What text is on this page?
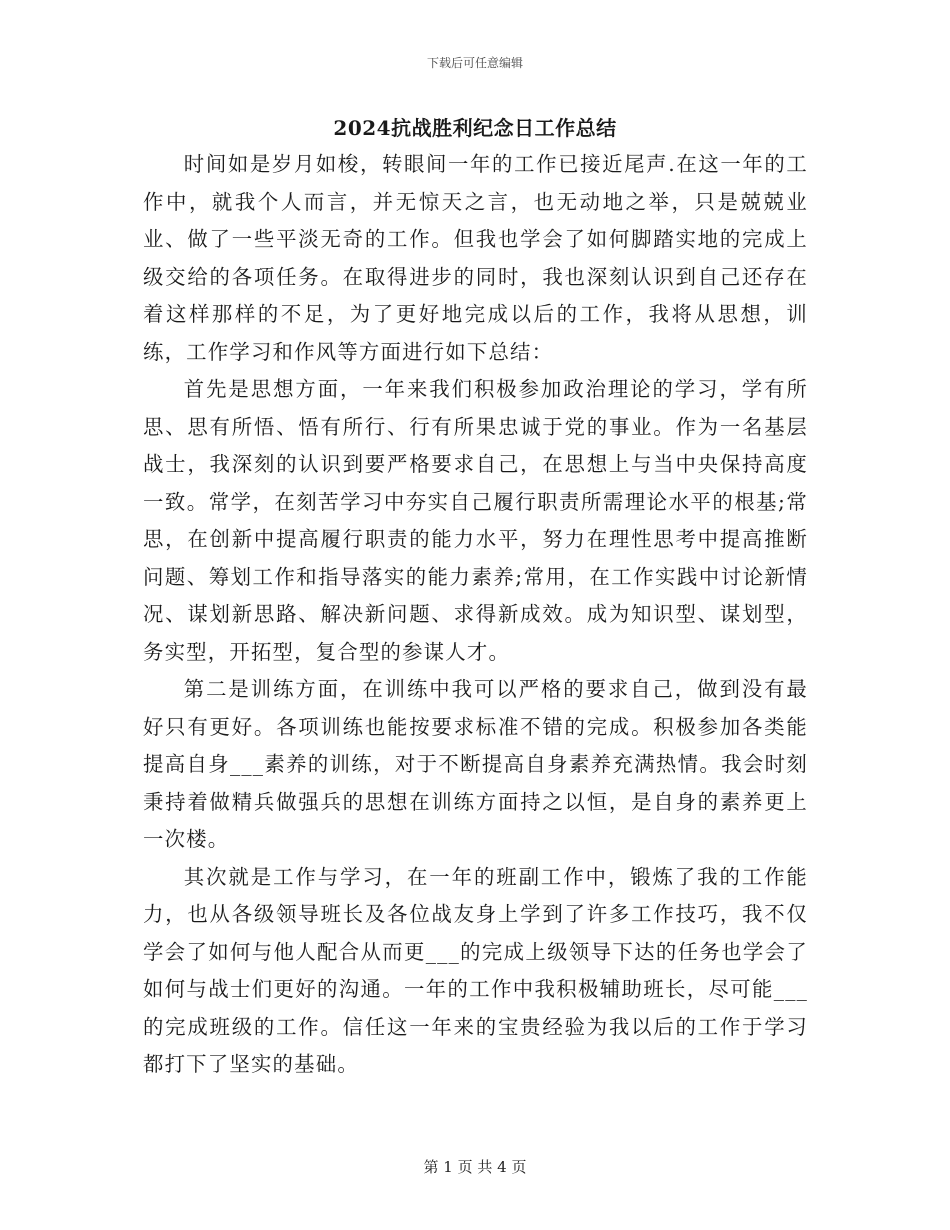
下载后可任意编辑
2024抗战胜利纪念日工作总结

时间如是岁月如梭，转眼间一年的工作已接近尾声.在这一年的工作中，就我个人而言，并无惊天之言，也无动地之举，只是兢兢业业、做了一些平淡无奇的工作。但我也学会了如何脚踏实地的完成上级交给的各项任务。在取得进步的同时，我也深刻认识到自己还存在着这样那样的不足，为了更好地完成以后的工作，我将从思想，训练，工作学习和作风等方面进行如下总结：

首先是思想方面，一年来我们积极参加政治理论的学习，学有所思、思有所悟、悟有所行、行有所果忠诚于党的事业。作为一名基层战士，我深刻的认识到要严格要求自己，在思想上与当中央保持高度一致。常学，在刻苦学习中夯实自己履行职责所需理论水平的根基;常思，在创新中提高履行职责的能力水平，努力在理性思考中提高推断问题、筹划工作和指导落实的能力素养;常用，在工作实践中讨论新情况、谋划新思路、解决新问题、求得新成效。成为知识型、谋划型，务实型，开拓型，复合型的参谋人才。

第二是训练方面，在训练中我可以严格的要求自己，做到没有最好只有更好。各项训练也能按要求标准不错的完成。积极参加各类能提高自身___素养的训练，对于不断提高自身素养充满热情。我会时刻秉持着做精兵做强兵的思想在训练方面持之以恒，是自身的素养更上一次楼。

其次就是工作与学习，在一年的班副工作中，锻炼了我的工作能力，也从各级领导班长及各位战友身上学到了许多工作技巧，我不仅学会了如何与他人配合从而更___的完成上级领导下达的任务也学会了如何与战士们更好的沟通。一年的工作中我积极辅助班长，尽可能___的完成班级的工作。信任这一年来的宝贵经验为我以后的工作于学习都打下了坚实的基础。

第 1 页 共 4 页
